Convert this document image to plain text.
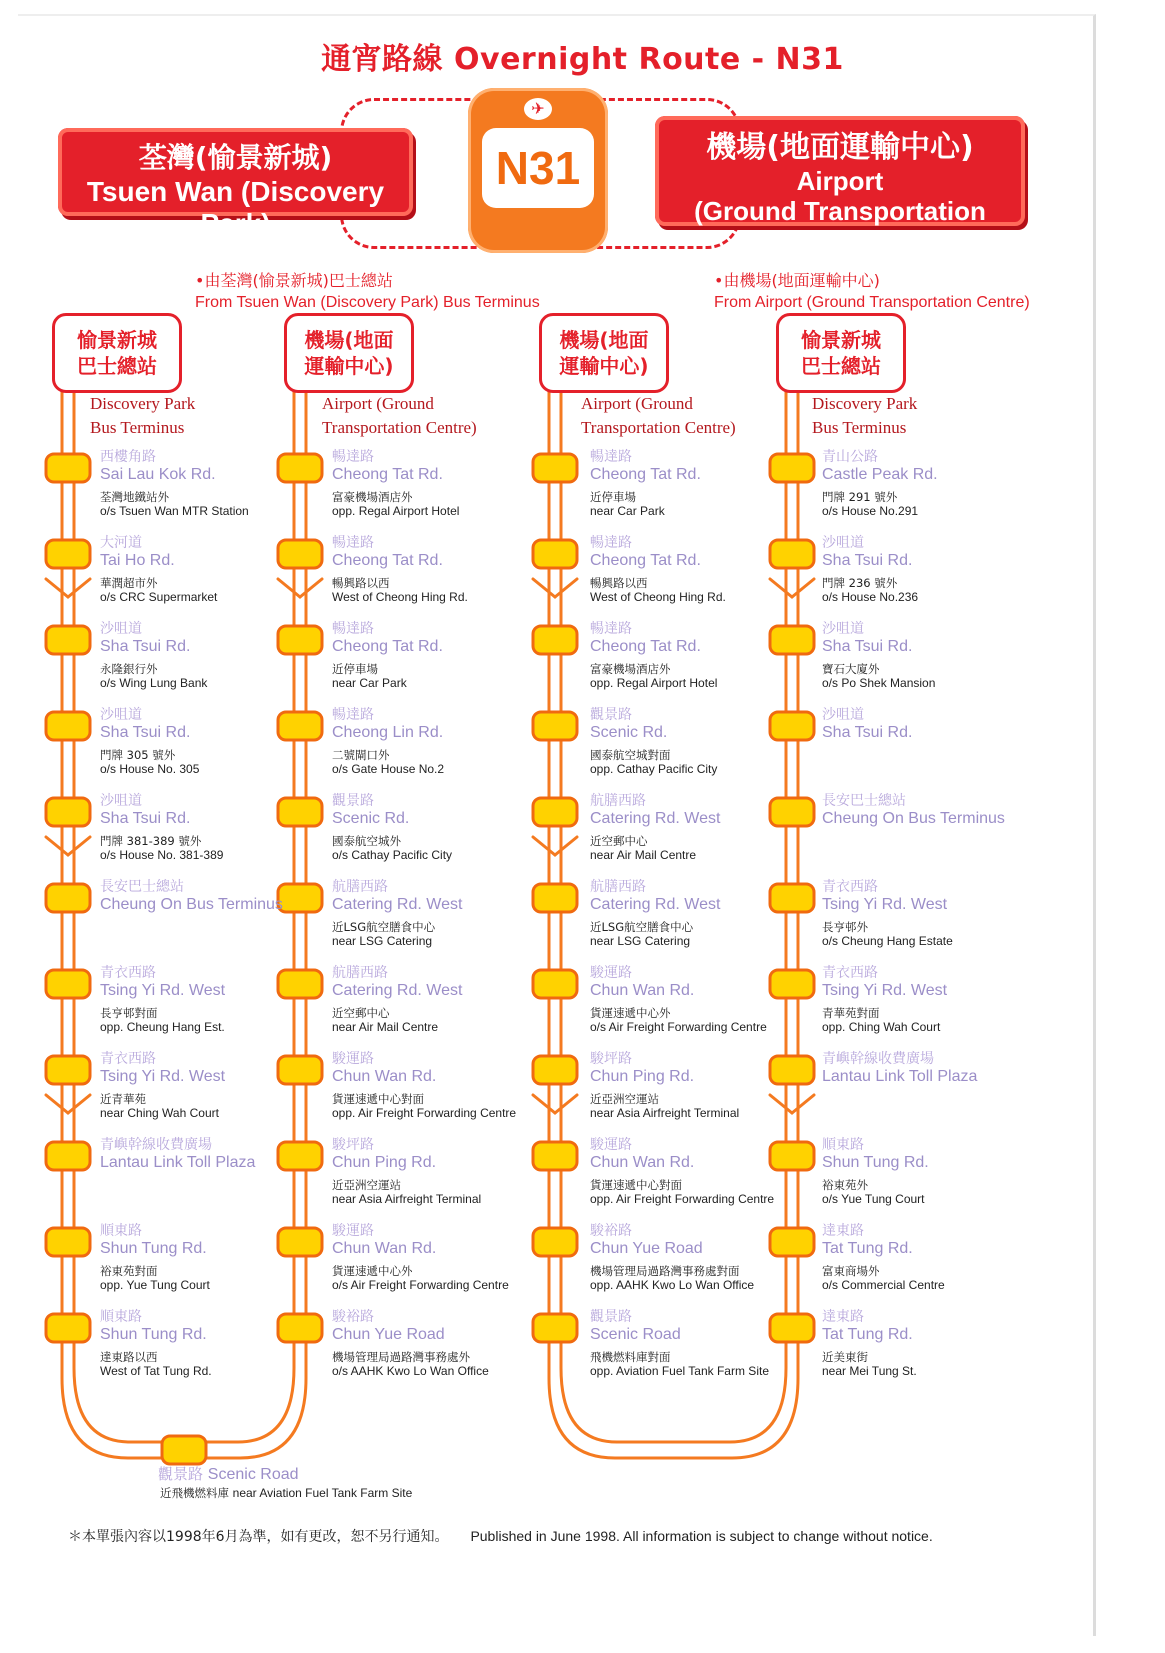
通宵路線 Overnight Route - N31
荃灣(愉景新城)
Tsuen Wan (Discovery Park)
✈
N31	機場(地面運輸中心)
Airport
(Ground Transportation Centre)
•由荃灣(愉景新城)巴士總站
From Tsuen Wan (Discovery Park) Bus Terminus
•由機場(地面運輸中心)
From Airport (Ground Transportation Centre)
愉景新城
巴士總站
Discovery Park
Bus Terminus
西樓角路
Sai Lau Kok Rd.
荃灣地鐵站外
o/s Tsuen Wan MTR Station
大河道
Tai Ho Rd.
華潤超市外
o/s CRC Supermarket
沙咀道
Sha Tsui Rd.
永隆銀行外
o/s Wing Lung Bank
沙咀道
Sha Tsui Rd.
門牌 305 號外
o/s House No. 305
沙咀道
Sha Tsui Rd.
門牌 381-389 號外
o/s House No. 381-389
長安巴士總站
Cheung On Bus Terminus
青衣西路
Tsing Yi Rd. West
長亨邨對面
opp. Cheung Hang Est.
青衣西路
Tsing Yi Rd. West
近青華苑
near Ching Wah Court
青嶼幹線收費廣場
Lantau Link Toll Plaza
順東路
Shun Tung Rd.
裕東苑對面
opp. Yue Tung Court
順東路
Shun Tung Rd.
達東路以西
West of Tat Tung Rd.
機場(地面
運輸中心)
Airport (Ground
Transportation Centre)
暢達路
Cheong Tat Rd.
富豪機場酒店外
opp. Regal Airport Hotel
暢達路
Cheong Tat Rd.
暢興路以西
West of Cheong Hing Rd.
暢達路
Cheong Tat Rd.
近停車場
near Car Park
暢達路
Cheong Lin Rd.
二號閘口外
o/s Gate House No.2
觀景路
Scenic Rd.
國泰航空城外
o/s Cathay Pacific City
航膳西路
Catering Rd. West
近LSG航空膳食中心
near LSG Catering
航膳西路
Catering Rd. West
近空郵中心
near Air Mail Centre
駿運路
Chun Wan Rd.
貨運速遞中心對面
opp. Air Freight Forwarding Centre
駿坪路
Chun Ping Rd.
近亞洲空運站
near Asia Airfreight Terminal
駿運路
Chun Wan Rd.
貨運速遞中心外
o/s Air Freight Forwarding Centre
駿裕路
Chun Yue Road
機場管理局過路灣事務處外
o/s AAHK Kwo Lo Wan Office
機場(地面
運輸中心)
Airport (Ground
Transportation Centre)
暢達路
Cheong Tat Rd.
近停車場
near Car Park
暢達路
Cheong Tat Rd.
暢興路以西
West of Cheong Hing Rd.
暢達路
Cheong Tat Rd.
富豪機場酒店外
opp. Regal Airport Hotel
觀景路
Scenic Rd.
國泰航空城對面
opp. Cathay Pacific City
航膳西路
Catering Rd. West
近空郵中心
near Air Mail Centre
航膳西路
Catering Rd. West
近LSG航空膳食中心
near LSG Catering
駿運路
Chun Wan Rd.
貨運速遞中心外
o/s Air Freight Forwarding Centre
駿坪路
Chun Ping Rd.
近亞洲空運站
near Asia Airfreight Terminal
駿運路
Chun Wan Rd.
貨運速遞中心對面
opp. Air Freight Forwarding Centre
駿裕路
Chun Yue Road
機場管理局過路灣事務處對面
opp. AAHK Kwo Lo Wan Office
觀景路
Scenic Road
飛機燃料庫對面
opp. Aviation Fuel Tank Farm Site
愉景新城
巴士總站
Discovery Park
Bus Terminus
青山公路
Castle Peak Rd.
門牌 291 號外
o/s House No.291
沙咀道
Sha Tsui Rd.
門牌 236 號外
o/s House No.236
沙咀道
Sha Tsui Rd.
寶石大廈外
o/s Po Shek Mansion
沙咀道
Sha Tsui Rd.
長安巴士總站
Cheung On Bus Terminus
青衣西路
Tsing Yi Rd. West
長亨邨外
o/s Cheung Hang Estate
青衣西路
Tsing Yi Rd. West
青華苑對面
opp. Ching Wah Court
青嶼幹線收費廣場
Lantau Link Toll Plaza
順東路
Shun Tung Rd.
裕東苑外
o/s Yue Tung Court
達東路
Tat Tung Rd.
富東商場外
o/s Commercial Centre
達東路
Tat Tung Rd.
近美東街
near Mei Tung St.
觀景路 Scenic Road
近飛機燃料庫 near Aviation Fuel Tank Farm Site
＊本單張內容以1998年6月為準，如有更改，恕不另行通知。 Published in June 1998. All information is subject to change without notice.
